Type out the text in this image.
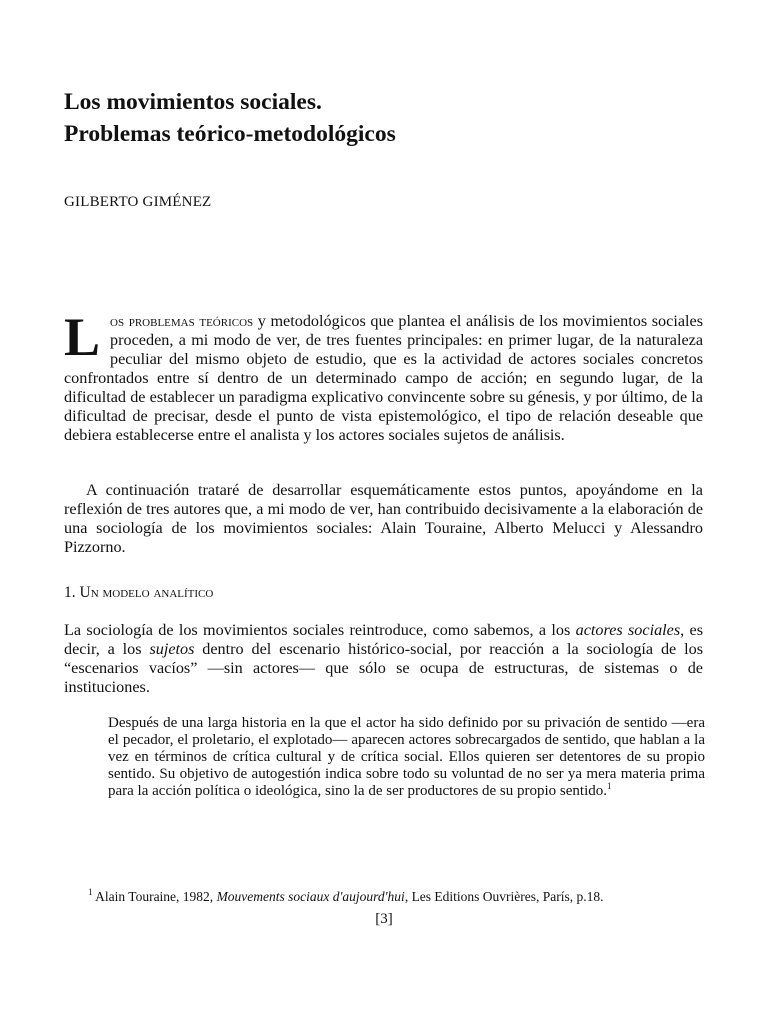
Los movimientos sociales.
Problemas teórico-metodológicos
GILBERTO GIMÉNEZ
Los problemas teóricos y metodológicos que plantea el análisis de los movimientos sociales proceden, a mi modo de ver, de tres fuentes principales: en primer lugar, de la naturaleza peculiar del mismo objeto de estudio, que es la actividad de actores sociales concretos confrontados entre sí dentro de un determinado campo de acción; en segundo lugar, de la dificultad de establecer un paradigma explicativo convincente sobre su génesis, y por último, de la dificultad de precisar, desde el punto de vista epistemológico, el tipo de relación deseable que debiera establecerse entre el analista y los actores sociales sujetos de análisis.
A continuación trataré de desarrollar esquemáticamente estos puntos, apoyándome en la reflexión de tres autores que, a mi modo de ver, han contribuido decisivamente a la elaboración de una sociología de los movimientos sociales: Alain Touraine, Alberto Melucci y Alessandro Pizzorno.
1. Un modelo analítico
La sociología de los movimientos sociales reintroduce, como sabemos, a los actores sociales, es decir, a los sujetos dentro del escenario histórico-social, por reacción a la sociología de los “escenarios vacíos” —sin actores— que sólo se ocupa de estructuras, de sistemas o de instituciones.
Después de una larga historia en la que el actor ha sido definido por su privación de sentido —era el pecador, el proletario, el explotado— aparecen actores sobrecargados de sentido, que hablan a la vez en términos de crítica cultural y de crítica social. Ellos quieren ser detentores de su propio sentido. Su objetivo de autogestión indica sobre todo su voluntad de no ser ya mera materia prima para la acción política o ideológica, sino la de ser productores de su propio sentido.$^1$
$^1$ Alain Touraine, 1982, Mouvements sociaux d'aujourd'hui, Les Editions Ouvrières, París, p.18.
[3]
